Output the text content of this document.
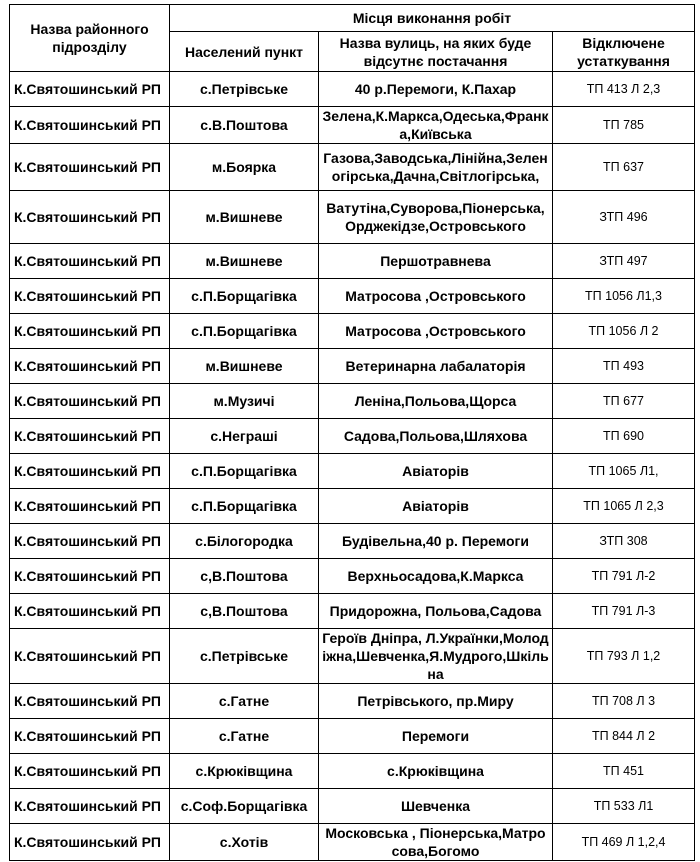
Назва районного підрозділу	Місця виконання робіт		
	Населений пункт	Назва вулиць, на яких буде відсутнє постачання	Відключене устаткування
К.Святошинський РП	с.Петрівське	40 р.Перемоги, К.Пахар	ТП 413 Л 2,3
К.Святошинський РП	с.В.Поштова	Зелена,К.Маркса,Одеська,Франка,Київська	ТП 785
К.Святошинський РП	м.Боярка	Газова,Заводська,Лінійна,Зеленогірська,Дачна,Світлогірська,	ТП 637
К.Святошинський РП	м.Вишневе	Ватутіна,Суворова,Піонерська,Орджекідзе,Островського	ЗТП 496
К.Святошинський РП	м.Вишневе	Першотравнева	ЗТП 497
К.Святошинський РП	с.П.Борщагівка	Матросова ,Островського	ТП 1056 Л1,3
К.Святошинський РП	с.П.Борщагівка	Матросова ,Островського	ТП 1056 Л 2
К.Святошинський РП	м.Вишневе	Ветеринарна лабалаторія	ТП 493
К.Святошинський РП	м.Музичі	Леніна,Польова,Щорса	ТП 677
К.Святошинський РП	с.Неграші	Садова,Польова,Шляхова	ТП 690
К.Святошинський РП	с.П.Борщагівка	Авіаторів	ТП 1065 Л1,
К.Святошинський РП	с.П.Борщагівка	Авіаторів	ТП 1065 Л 2,3
К.Святошинський РП	с.Білогородка	Будівельна,40 р. Перемоги	ЗТП 308
К.Святошинський РП	с,В.Поштова	Верхньосадова,К.Маркса	ТП 791 Л-2
К.Святошинський РП	с,В.Поштова	Придорожна, Польова,Садова	ТП 791 Л-3
К.Святошинський РП	с.Петрівське	Героїв Дніпра, Л.Українки,Молодіжна,Шевченка,Я.Мудрого,Шкільна	ТП 793 Л 1,2
К.Святошинський РП	с.Гатне	Петрівського, пр.Миру	ТП 708 Л 3
К.Святошинський РП	с.Гатне	Перемоги	ТП 844 Л 2
К.Святошинський РП	с.Крюківщина	с.Крюківщина	ТП 451
К.Святошинський РП	с.Соф.Борщагівка	Шевченка	ТП 533 Л1
К.Святошинський РП	с.Хотів	Московська , Піонерська,Матросова,Богомо	ТП 469 Л 1,2,4
